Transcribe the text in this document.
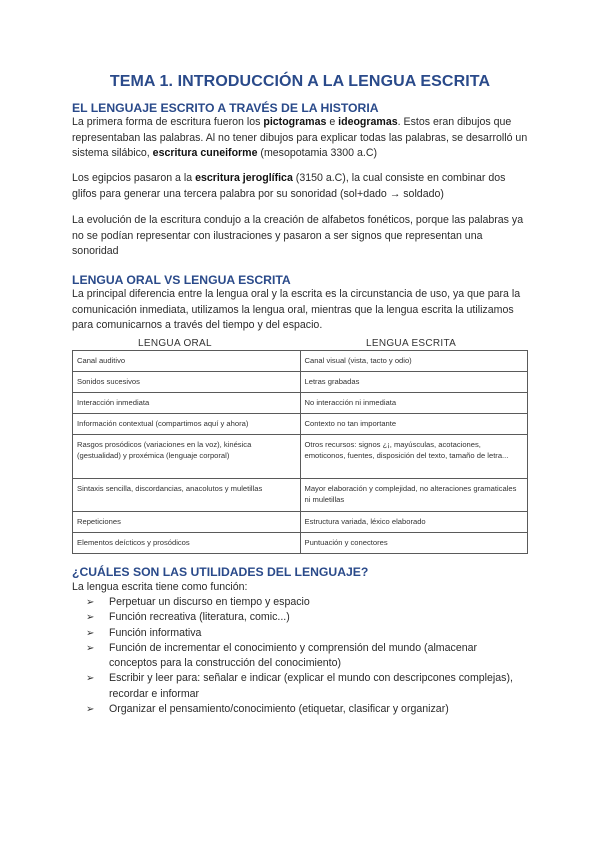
TEMA 1. INTRODUCCIÓN A LA LENGUA ESCRITA
EL LENGUAJE ESCRITO A TRAVÉS DE LA HISTORIA
La primera forma de escritura fueron los pictogramas e ideogramas. Estos eran dibujos que representaban las palabras. Al no tener dibujos para explicar todas las palabras, se desarrolló un sistema silábico, escritura cuneiforme (mesopotamia 3300 a.C)
Los egipcios pasaron a la escritura jeroglífica (3150 a.C), la cual consiste en combinar dos glifos para generar una tercera palabra por su sonoridad (sol+dado → soldado)
La evolución de la escritura condujo a la creación de alfabetos fonéticos, porque las palabras ya no se podían representar con ilustraciones y pasaron a ser signos que representan una sonoridad
LENGUA ORAL VS LENGUA ESCRITA
La principal diferencia entre la lengua oral y la escrita es la circunstancia de uso, ya que para la comunicación inmediata, utilizamos la lengua oral, mientras que la lengua escrita la utilizamos para comunicarnos a través del tiempo y del espacio.
LENGUA ORAL	LENGUA ESCRITA
Canal auditivo	Canal visual (vista, tacto y odio)
Sonidos sucesivos	Letras grabadas
Interacción inmediata	No interacción ni inmediata
Información contextual (compartimos aquí y ahora)	Contexto no tan importante
Rasgos prosódicos (variaciones en la voz), kinésica (gestualidad) y proxémica (lenguaje corporal)	Otros recursos: signos ¿¡, mayúsculas, acotaciones, emoticonos, fuentes, disposición del texto, tamaño de letra...
Sintaxis sencilla, discordancias, anacolutos y muletillas	Mayor elaboración y complejidad, no alteraciones gramaticales ni muletillas
Repeticiones	Estructura variada, léxico elaborado
Elementos deícticos y prosódicos	Puntuación y conectores
¿CUÁLES SON LAS UTILIDADES DEL LENGUAJE?
La lengua escrita tiene como función:
➢ Perpetuar un discurso en tiempo y espacio
➢ Función recreativa (literatura, comic...)
➢ Función informativa
➢ Función de incrementar el conocimiento y comprensión del mundo (almacenar conceptos para la construcción del conocimiento)
➢ Escribir y leer para: señalar e indicar (explicar el mundo con descripcones complejas), recordar e informar
➢ Organizar el pensamiento/conocimiento (etiquetar, clasificar y organizar)
